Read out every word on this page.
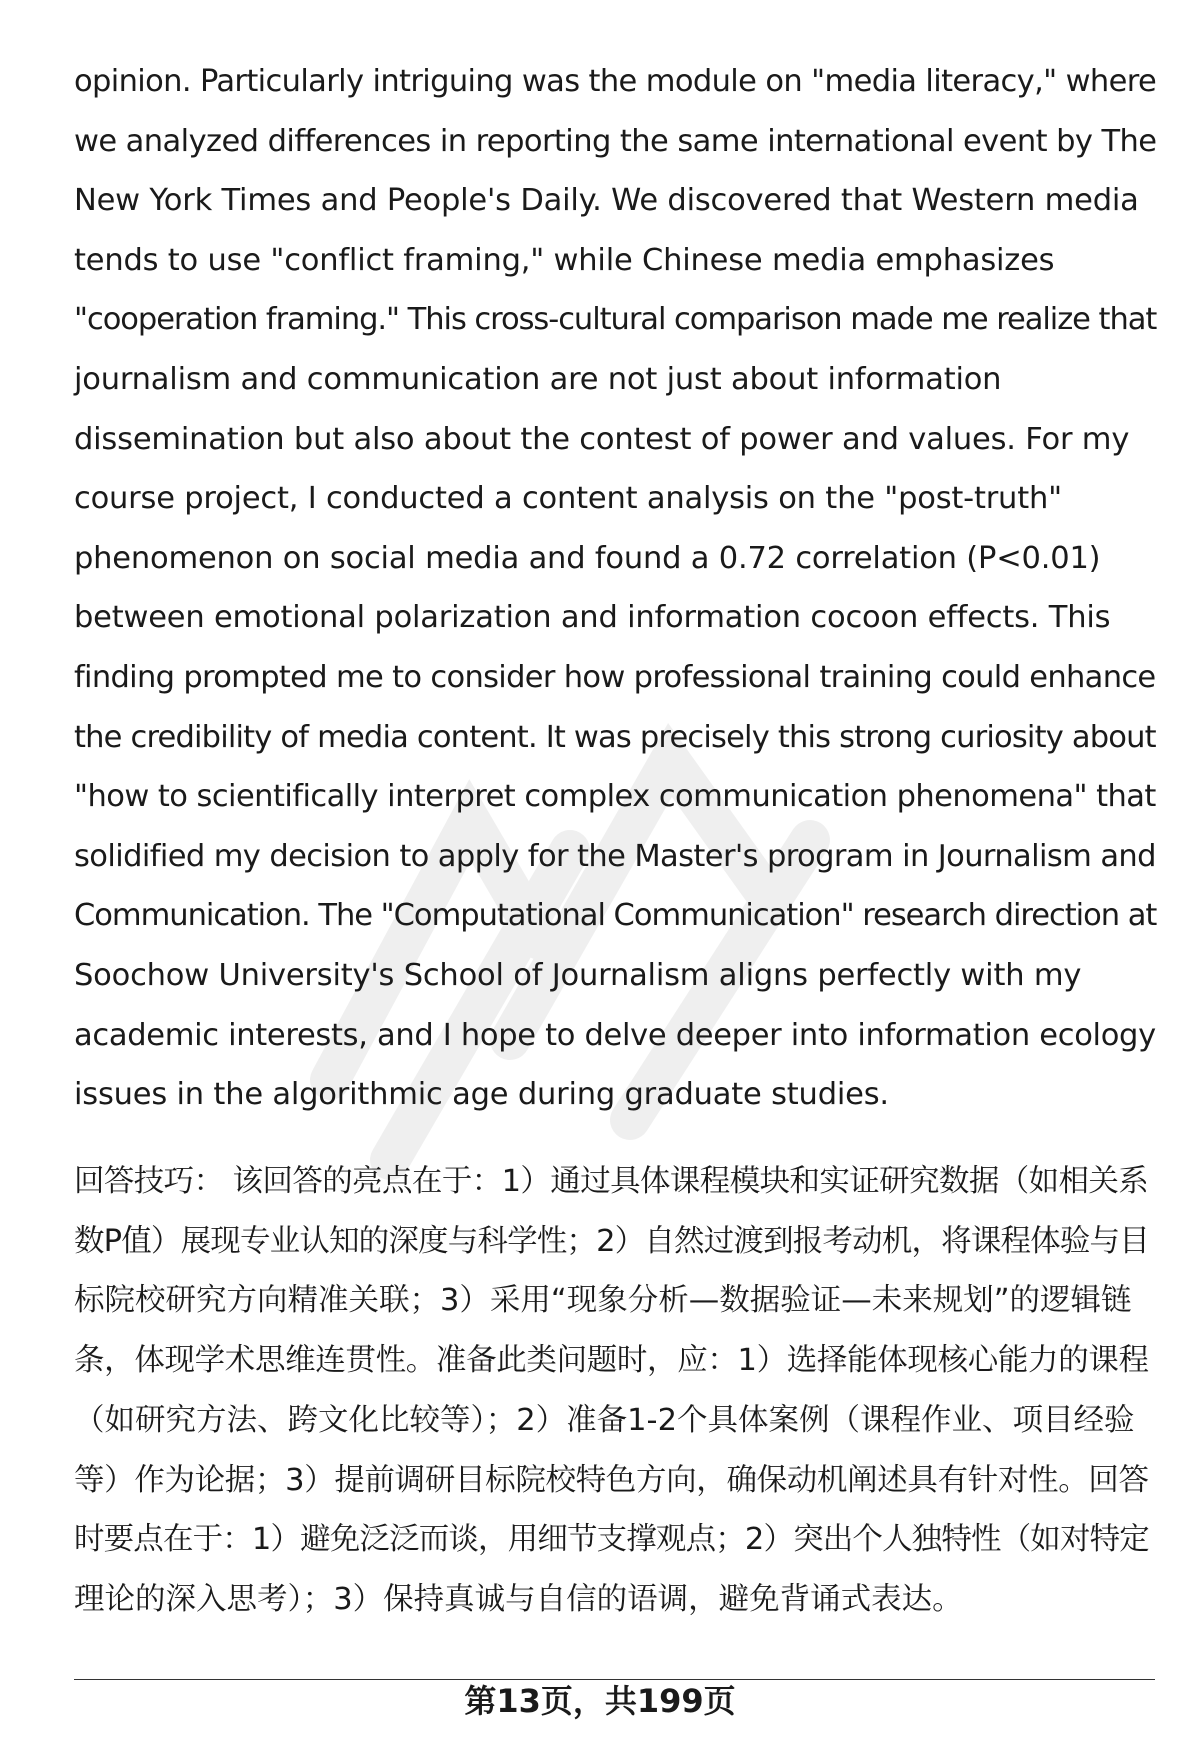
opinion. Particularly intriguing was the module on "media literacy," where
we analyzed differences in reporting the same international event by The
New York Times and People's Daily. We discovered that Western media
tends to use "conflict framing," while Chinese media emphasizes
"cooperation framing." This cross-cultural comparison made me realize that
journalism and communication are not just about information
dissemination but also about the contest of power and values. For my
course project, I conducted a content analysis on the "post-truth"
phenomenon on social media and found a 0.72 correlation (P<0.01)
between emotional polarization and information cocoon effects. This
finding prompted me to consider how professional training could enhance
the credibility of media content. It was precisely this strong curiosity about
"how to scientifically interpret complex communication phenomena" that
solidified my decision to apply for the Master's program in Journalism and
Communication. The "Computational Communication" research direction at
Soochow University's School of Journalism aligns perfectly with my
academic interests, and I hope to delve deeper into information ecology
issues in the algorithmic age during graduate studies.
回答技巧： 该回答的亮点在于：1）通过具体课程模块和实证研究数据（如相关系
数P值）展现专业认知的深度与科学性；2）自然过渡到报考动机，将课程体验与目
标院校研究方向精准关联；3）采用“现象分析—数据验证—未来规划”的逻辑链
条，体现学术思维连贯性。准备此类问题时，应：1）选择能体现核心能力的课程
（如研究方法、跨文化比较等）；2）准备1-2个具体案例（课程作业、项目经验
等）作为论据；3）提前调研目标院校特色方向，确保动机阐述具有针对性。回答
时要点在于：1）避免泛泛而谈，用细节支撑观点；2）突出个人独特性（如对特定
理论的深入思考）；3）保持真诚与自信的语调，避免背诵式表达。
第13页，共199页
